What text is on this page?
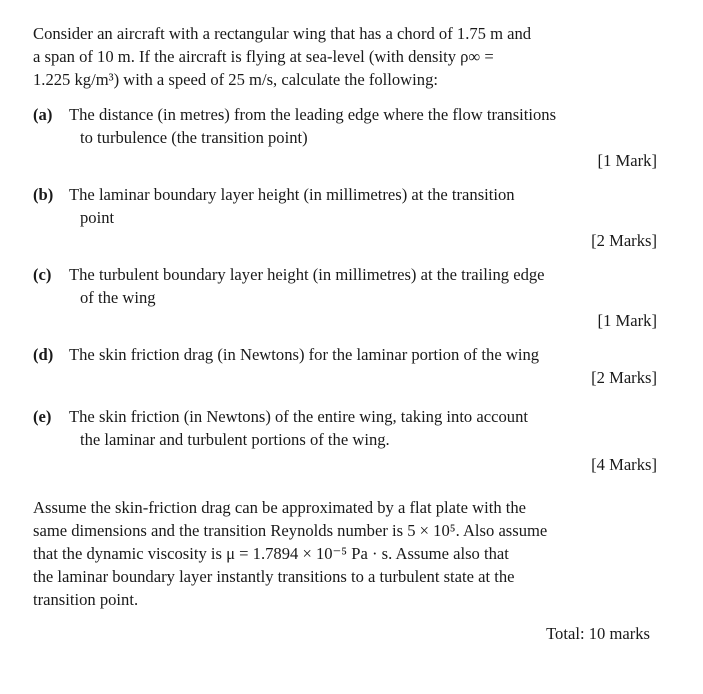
Consider an aircraft with a rectangular wing that has a chord of 1.75 m and
a span of 10 m. If the aircraft is flying at sea-level (with density ρ∞ =
1.225 kg/m³) with a speed of 25 m/s, calculate the following:
(a)	The distance (in metres) from the leading edge where the flow transitions
to turbulence (the transition point)
[1 Mark]
(b) The laminar boundary layer height (in millimetres) at the transition
point
[2 Marks]
(c)	The turbulent boundary layer height (in millimetres) at the trailing edge
of the wing
[1 Mark]
(d) The skin friction drag (in Newtons) for the laminar portion of the wing
[2 Marks]
(e)	The skin friction (in Newtons) of the entire wing, taking into account
the laminar and turbulent portions of the wing.
[4 Marks]
Assume the skin-friction drag can be approximated by a flat plate with the
same dimensions and the transition Reynolds number is 5 × 10⁵. Also assume
that the dynamic viscosity is μ = 1.7894 × 10⁻⁵ Pa · s. Assume also that
the laminar boundary layer instantly transitions to a turbulent state at the
transition point.
Total: 10 marks
